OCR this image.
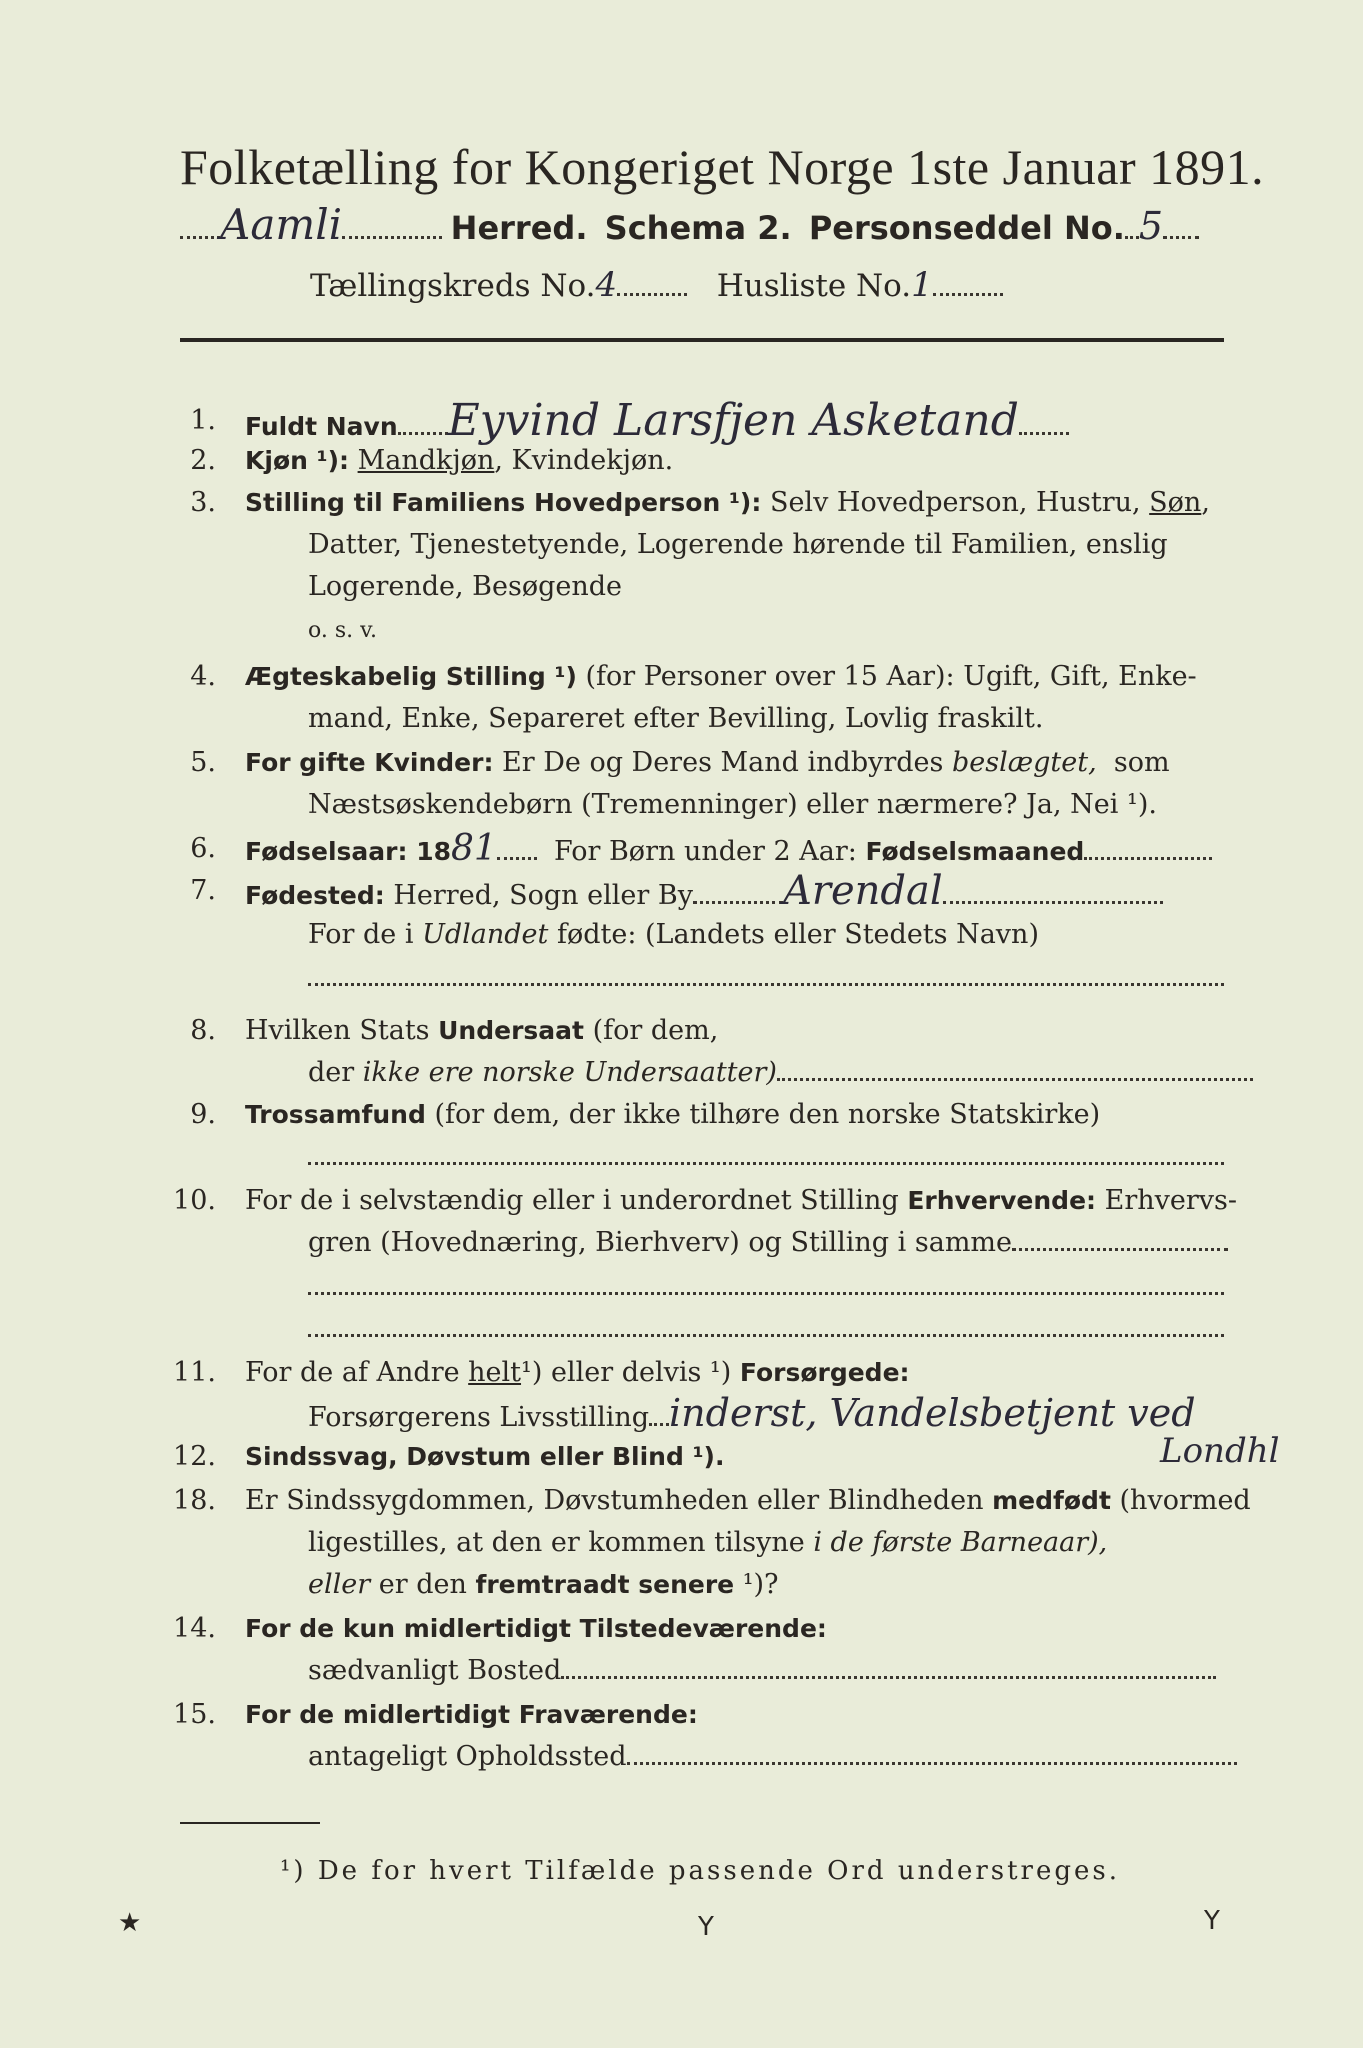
Folketælling for Kongeriget Norge 1ste Januar 1891.
Aamli	Herred. Schema 2. Personseddel No. 5
Tællingskreds No.4	Husliste No.1
1. Fuldt Navn Eyvind Larsfjen Asketand
2. Kjøn ¹): Mandkjøn, Kvindekjøn.
3. Stilling til Familiens Hovedperson ¹): Selv Hovedperson, Hustru, Søn,
Datter, Tjenestetyende, Logerende hørende til Familien, enslig
Logerende, Besøgende
o. s. v.
4. Ægteskabelig Stilling ¹) (for Personer over 15 Aar): Ugift, Gift, Enke-
mand, Enke, Separeret efter Bevilling, Lovlig fraskilt.
5. For gifte Kvinder: Er De og Deres Mand indbyrdes beslægtet, som
Næstsøskendebørn (Tremenninger) eller nærmere? Ja, Nei ¹).
6. Fødselsaar: 1881 For Børn under 2 Aar: Fødselsmaaned
7. Fødested: Herred, Sogn eller By Arendal
For de i Udlandet fødte: (Landets eller Stedets Navn)
8. Hvilken Stats Undersaat (for dem,
der ikke ere norske Undersaatter)
9. Trossamfund (for dem, der ikke tilhøre den norske Statskirke)
10. For de i selvstændig eller i underordnet Stilling Erhvervende: Erhvervs-
gren (Hovednæring, Bierhverv) og Stilling i samme
11. For de af Andre helt¹) eller delvis ¹) Forsørgede:
Forsørgerens Livsstilling inderst, Vandelsbetjent ved
Londhl
12. Sindssvag, Døvstum eller Blind ¹).
18. Er Sindssygdommen, Døvstumheden eller Blindheden medfødt (hvormed
ligestilles, at den er kommen tilsyne i de første Barneaar),
eller er den fremtraadt senere ¹)?
14. For de kun midlertidigt Tilstedeværende:
sædvanligt Bosted
15. For de midlertidigt Fraværende:
antageligt Opholdssted
¹) De for hvert Tilfælde passende Ord understreges.
★	Y	Y
